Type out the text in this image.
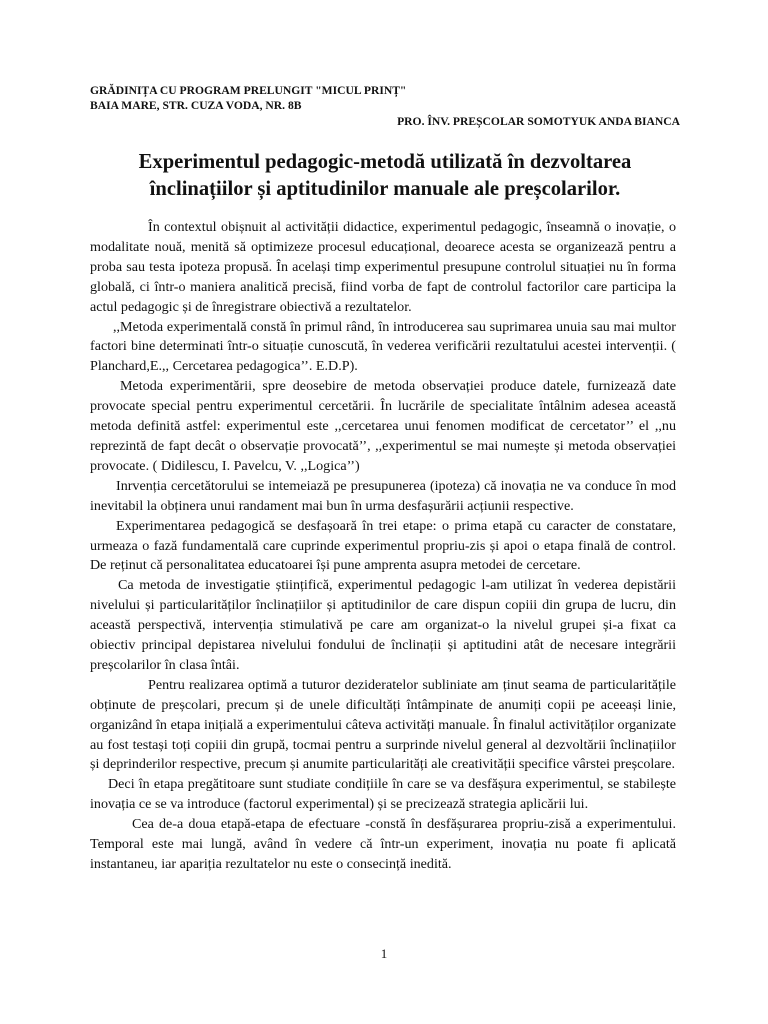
GRĂDINIȚA CU PROGRAM PRELUNGIT "MICUL PRINȚ"
BAIA MARE, STR. CUZA VODA, NR. 8B
PRO. ÎNV. PREȘCOLAR SOMOTYUK ANDA BIANCA
Experimentul pedagogic-metodă utilizată în dezvoltarea
înclinațiilor și aptitudinilor manuale ale preșcolarilor.

În contextul obișnuit al activității didactice, experimentul pedagogic, înseamnă o inovație, o modalitate nouă, menită să optimizeze procesul educațional, deoarece acesta se organizează pentru a proba sau testa ipoteza propusă. În același timp experimentul presupune controlul situației nu în forma globală, ci într-o maniera analitică precisă, fiind vorba de fapt de controlul factorilor care participa la actul pedagogic și de înregistrare obiectivă a rezultatelor.

,,Metoda experimentală constă în primul rând, în introducerea sau suprimarea unuia sau mai multor factori bine determinati într-o situație cunoscută, în vederea verificării rezultatului acestei intervenții. ( Planchard,E.,, Cercetarea pedagogica’’. E.D.P).

Metoda experimentării, spre deosebire de metoda observației produce datele, furnizează date provocate special pentru experimentul cercetării. În lucrările de specialitate întâlnim adesea această metoda definită astfel: experimentul este ,,cercetarea unui fenomen modificat de cercetator’’ el ,,nu reprezintă de fapt decât o observație provocată’’, ,,experimentul se mai numește și metoda observației provocate. ( Didilescu, I. Pavelcu, V. ,,Logica’’)

Inrvenția cercetătorului se intemeiază pe presupunerea (ipoteza) că inovația ne va conduce în mod inevitabil la obținera unui randament mai bun în urma desfașurării acțiunii respective.

Experimentarea pedagogică se desfașoară în trei etape: o prima etapă cu caracter de constatare, urmeaza o fază fundamentală care cuprinde experimentul propriu-zis și apoi o etapa finală de control. De reținut că personalitatea educatoarei își pune amprenta asupra metodei de cercetare.

Ca metoda de investigatie științifică, experimentul pedagogic l-am utilizat în vederea depistării nivelului și particularităților înclinațiilor și aptitudinilor de care dispun copiii din grupa de lucru, din această perspectivă, intervenția stimulativă pe care am organizat-o la nivelul grupei și-a fixat ca obiectiv principal depistarea nivelului fondului de înclinații și aptitudini atât de necesare integrării preșcolarilor în clasa întâi.

Pentru realizarea optimă a tuturor dezideratelor subliniate am ținut seama de particularitățile obținute de preșcolari, precum și de unele dificultăți întâmpinate de anumiți copii pe aceeași linie, organizând în etapa inițială a experimentului câteva activități manuale. În finalul activităților organizate au fost testași toți copiii din grupă, tocmai pentru a surprinde nivelul general al dezvoltării înclinațiilor și deprinderilor respective, precum și anumite particularități ale creativității specifice vârstei preșcolare.

Deci în etapa pregătitoare sunt studiate condițiile în care se va desfășura experimentul, se stabilește inovația ce se va introduce (factorul experimental) și se precizează strategia aplicării lui.

Cea de-a doua etapă-etapa de efectuare -constă în desfășurarea propriu-zisă a experimentului. Temporal este mai lungă, având în vedere că într-un experiment, inovația nu poate fi aplicată instantaneu, iar apariția rezultatelor nu este o consecință inedită.

1
